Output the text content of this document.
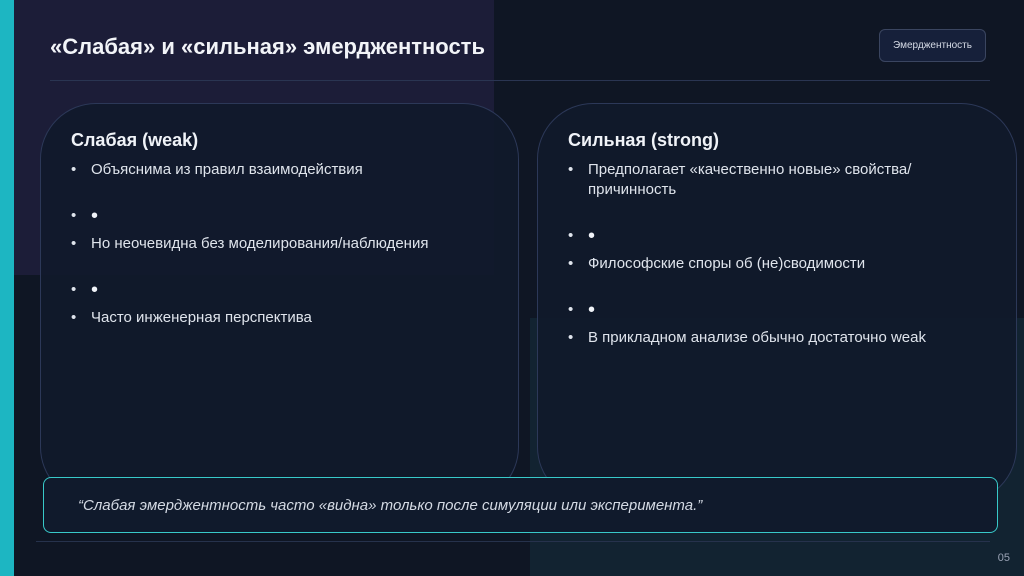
«Слабая» и «сильная» эмерджентность	Эмерджентность
Слабая (weak)
• Объяснима из правил взаимодействия
• •
• Но неочевидна без моделирования/наблюдения
• •
• Часто инженерная перспектива
Сильная (strong)
• Предполагает «качественно новые» свойства/причинность
• •
• Философские споры об (не)сводимости
• •
• В прикладном анализе обычно достаточно weak
“Слабая эмерджентность часто «видна» только после симуляции или эксперимента.”
05
